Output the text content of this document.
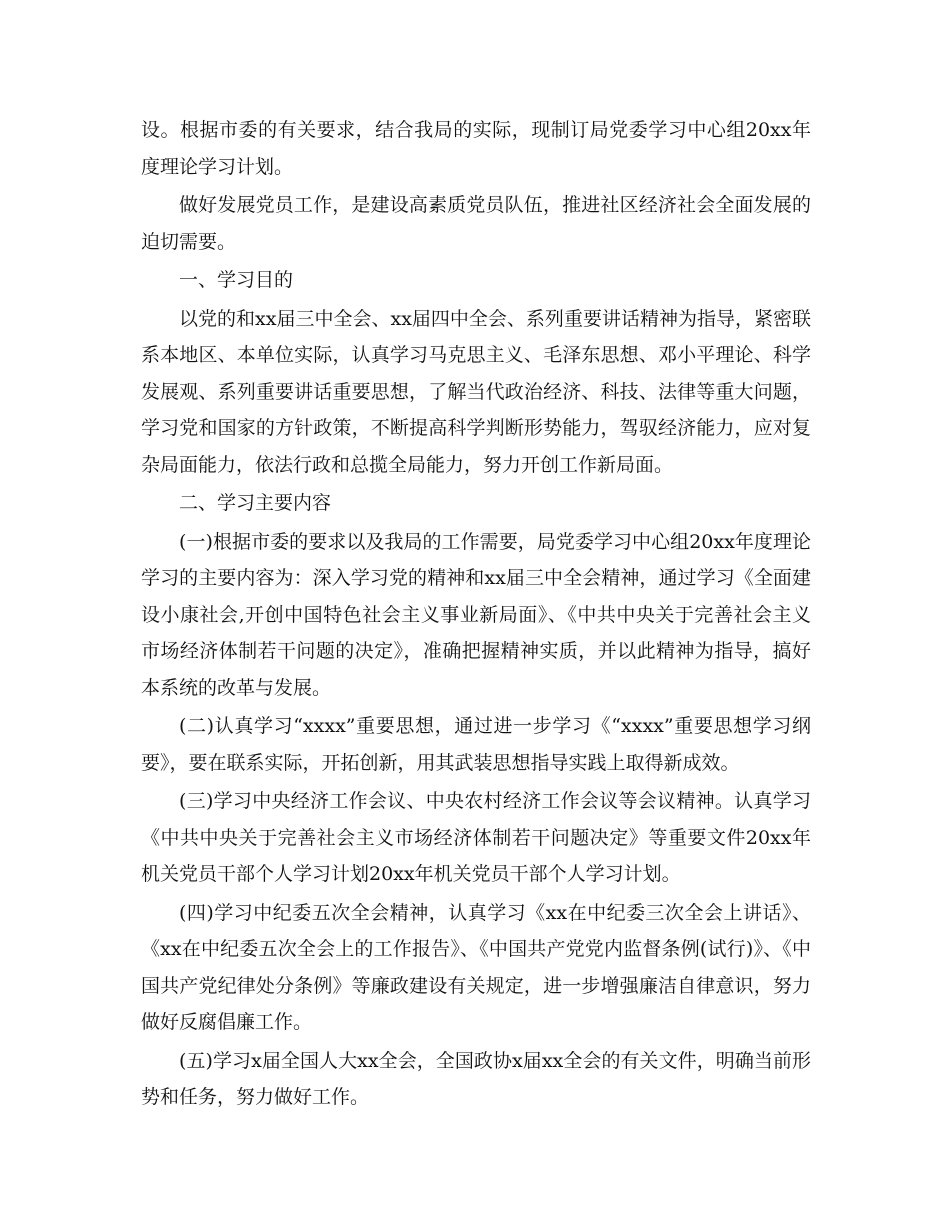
设。根据市委的有关要求，结合我局的实际，现制订局党委学习中心组20xx年度理论学习计划。

做好发展党员工作，是建设高素质党员队伍，推进社区经济社会全面发展的迫切需要。

一、学习目的

以党的和xx届三中全会、xx届四中全会、系列重要讲话精神为指导，紧密联系本地区、本单位实际，认真学习马克思主义、毛泽东思想、邓小平理论、科学发展观、系列重要讲话重要思想，了解当代政治经济、科技、法律等重大问题，学习党和国家的方针政策，不断提高科学判断形势能力，驾驭经济能力，应对复杂局面能力，依法行政和总揽全局能力，努力开创工作新局面。

二、学习主要内容

(一)根据市委的要求以及我局的工作需要，局党委学习中心组20xx年度理论学习的主要内容为：深入学习党的精神和xx届三中全会精神，通过学习《全面建设小康社会,开创中国特色社会主义事业新局面》、《中共中央关于完善社会主义市场经济体制若干问题的决定》，准确把握精神实质，并以此精神为指导，搞好本系统的改革与发展。

(二)认真学习“xxxx”重要思想，通过进一步学习《“xxxx”重要思想学习纲要》，要在联系实际，开拓创新，用其武装思想指导实践上取得新成效。

(三)学习中央经济工作会议、中央农村经济工作会议等会议精神。认真学习《中共中央关于完善社会主义市场经济体制若干问题决定》等重要文件20xx年机关党员干部个人学习计划20xx年机关党员干部个人学习计划。

(四)学习中纪委五次全会精神，认真学习《xx在中纪委三次全会上讲话》、《xx在中纪委五次全会上的工作报告》、《中国共产党党内监督条例(试行)》、《中国共产党纪律处分条例》等廉政建设有关规定，进一步增强廉洁自律意识，努力做好反腐倡廉工作。

(五)学习x届全国人大xx全会，全国政协x届xx全会的有关文件，明确当前形势和任务，努力做好工作。
